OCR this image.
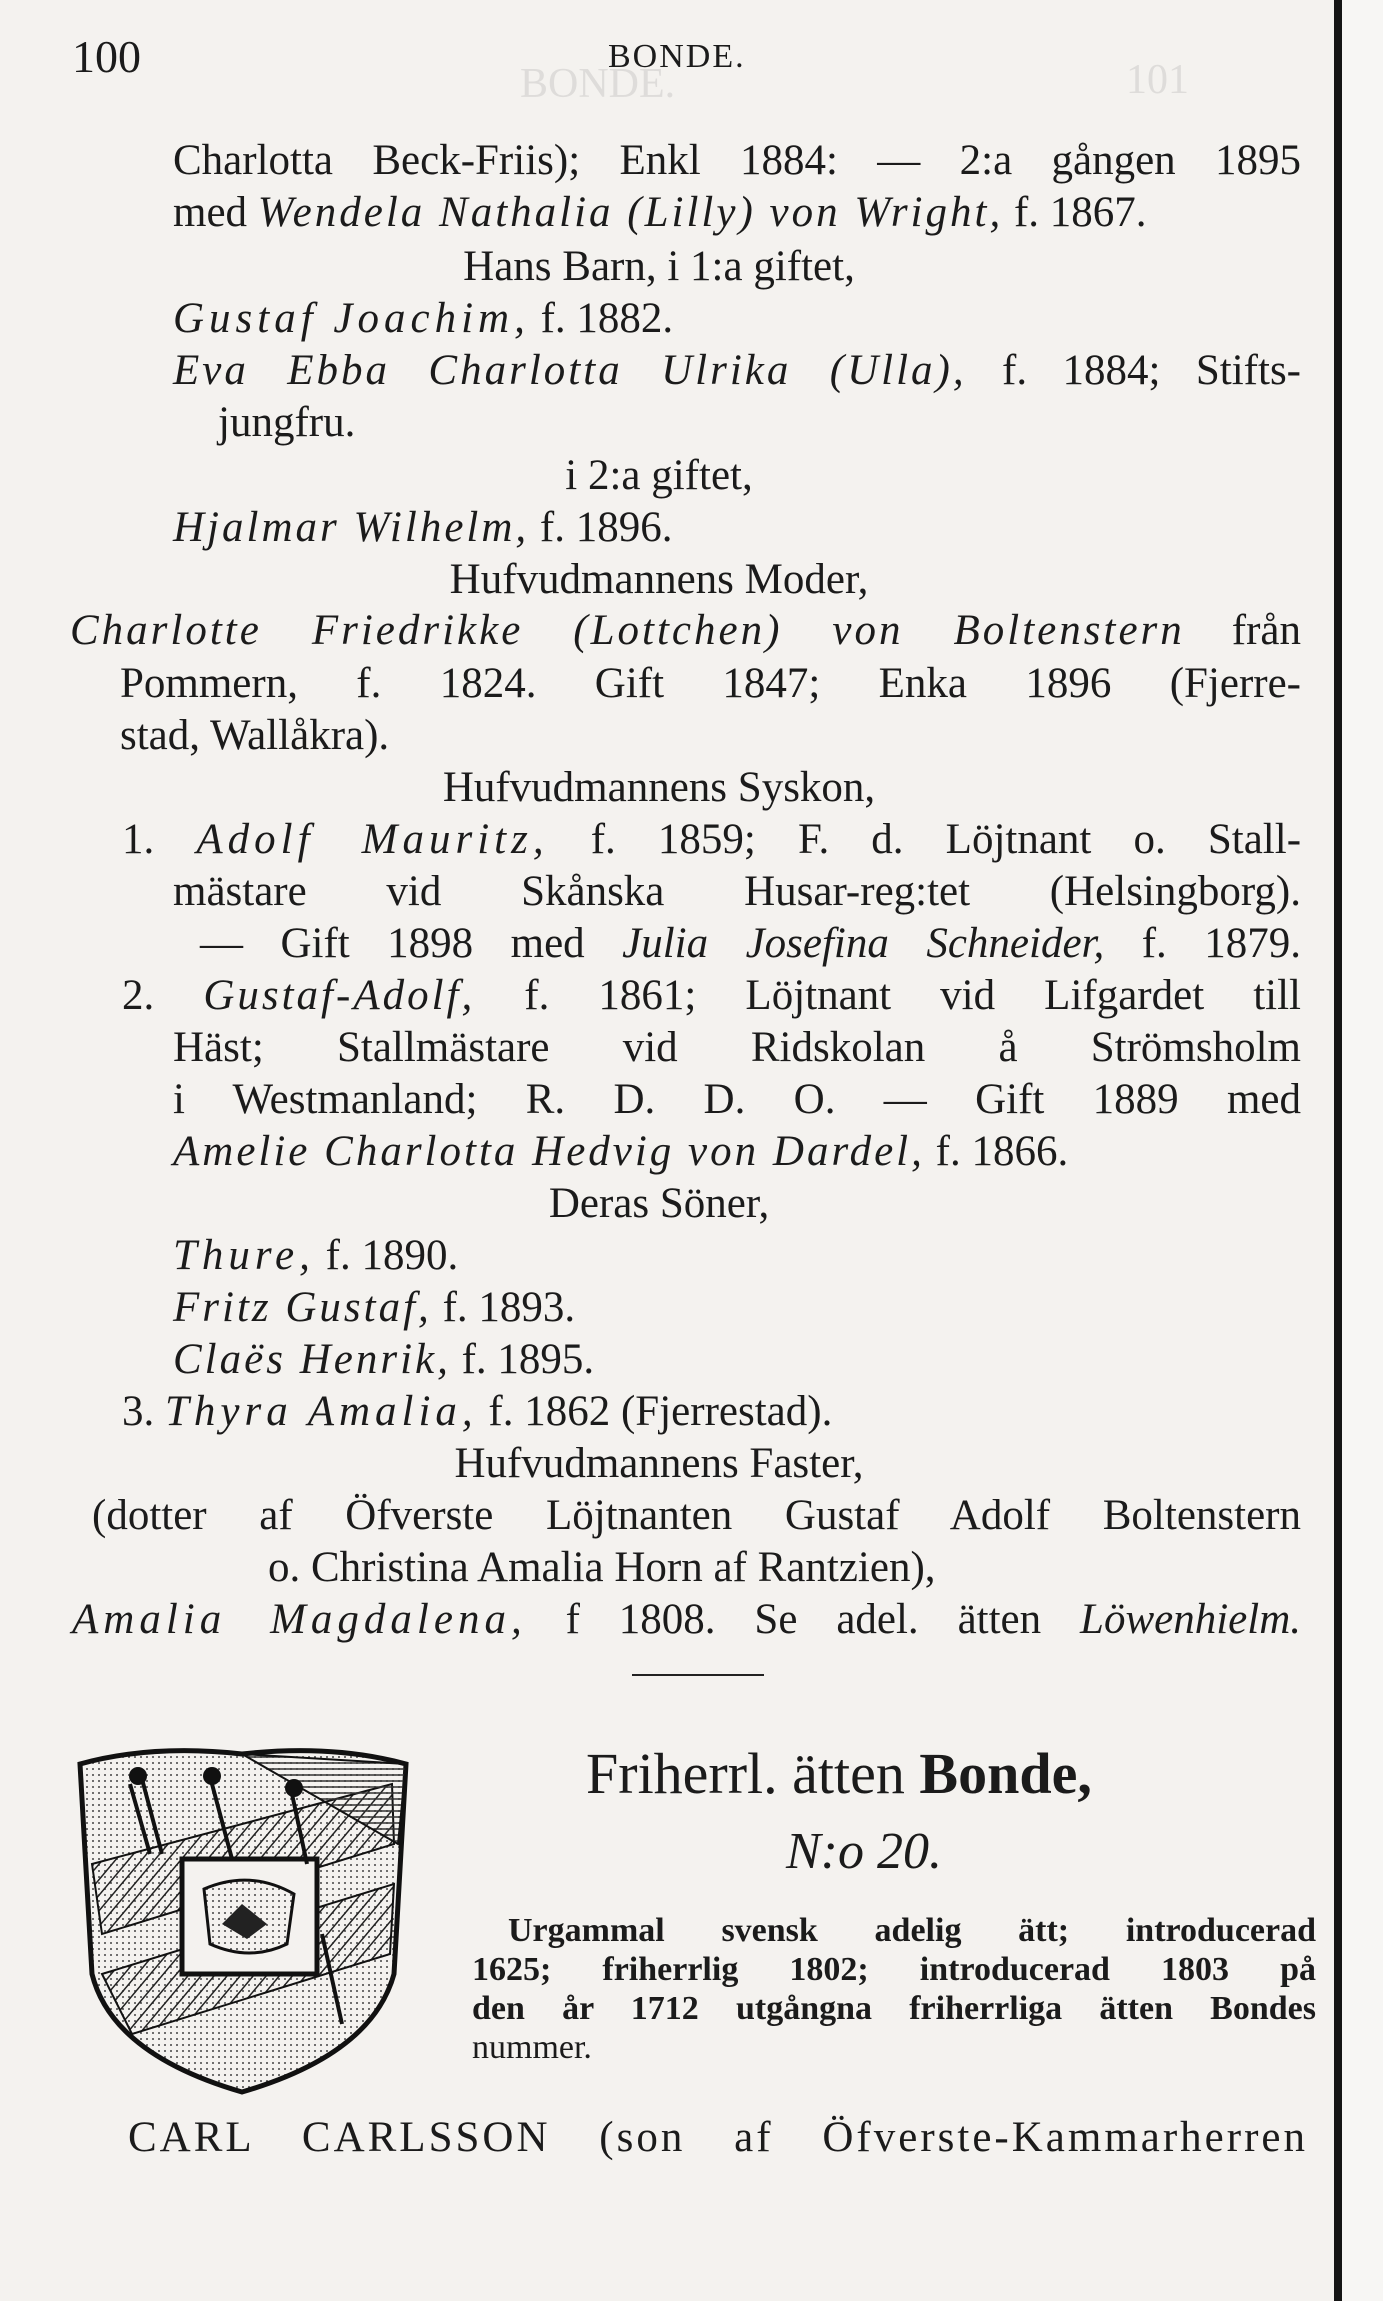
BONDE.	101
100	BONDE.
Charlotta Beck-Friis); Enkl 1884: — 2:a gången 1895
med Wendela Nathalia (Lilly) von Wright, f. 1867.
Hans Barn, i 1:a giftet,
Gustaf Joachim, f. 1882.
Eva Ebba Charlotta Ulrika (Ulla), f. 1884; Stifts-
jungfru.
i 2:a giftet,
Hjalmar Wilhelm, f. 1896.
Hufvudmannens Moder,
Charlotte Friedrikke (Lottchen) von Boltenstern från
Pommern, f. 1824. Gift 1847; Enka 1896 (Fjerre-
stad, Wallåkra).
Hufvudmannens Syskon,
1. Adolf Mauritz, f. 1859; F. d. Löjtnant o. Stall-
mästare vid Skånska Husar-reg:tet (Helsingborg).
— Gift 1898 med Julia Josefina Schneider, f. 1879.
2. Gustaf-Adolf, f. 1861; Löjtnant vid Lifgardet till
Häst; Stallmästare vid Ridskolan å Strömsholm
i Westmanland; R. D. D. O. — Gift 1889 med
Amelie Charlotta Hedvig von Dardel, f. 1866.
Deras Söner,
Thure, f. 1890.
Fritz Gustaf, f. 1893.
Claës Henrik, f. 1895.
3. Thyra Amalia, f. 1862 (Fjerrestad).
Hufvudmannens Faster,
(dotter af Öfverste Löjtnanten Gustaf Adolf Boltenstern
o. Christina Amalia Horn af Rantzien),
Amalia Magdalena, f 1808. Se adel. ätten Löwenhielm.
Friherrl. ätten Bonde,
N:o 20.
Urgammal svensk adelig ätt; introducerad
1625; friherrlig 1802; introducerad 1803 på
den år 1712 utgångna friherrliga ätten Bondes
nummer.
CARL CARLSSON (son af Öfverste-Kammarherren
